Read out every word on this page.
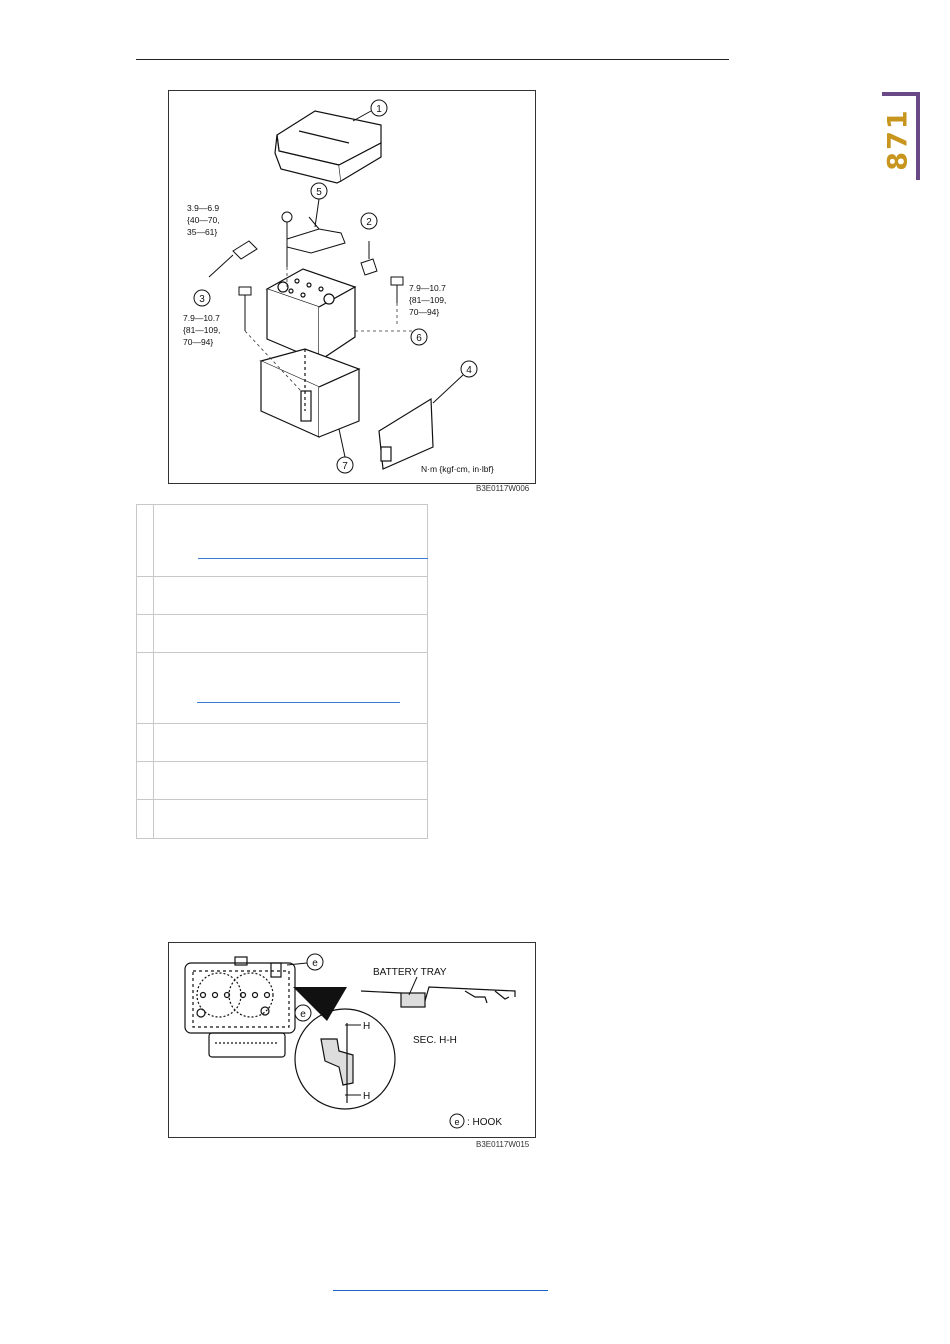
871
1
5
2
3
6
4
7
3.9—6.9
{40—70,
35—61}
7.9—10.7
{81—109,
70—94}
7.9—10.7
{81—109,
70—94}
N·m {kgf·cm, in·lbf}
B3E0117W006
e
e
H
H
BATTERY TRAY
SEC. H-H
e : HOOK
B3E0117W015
